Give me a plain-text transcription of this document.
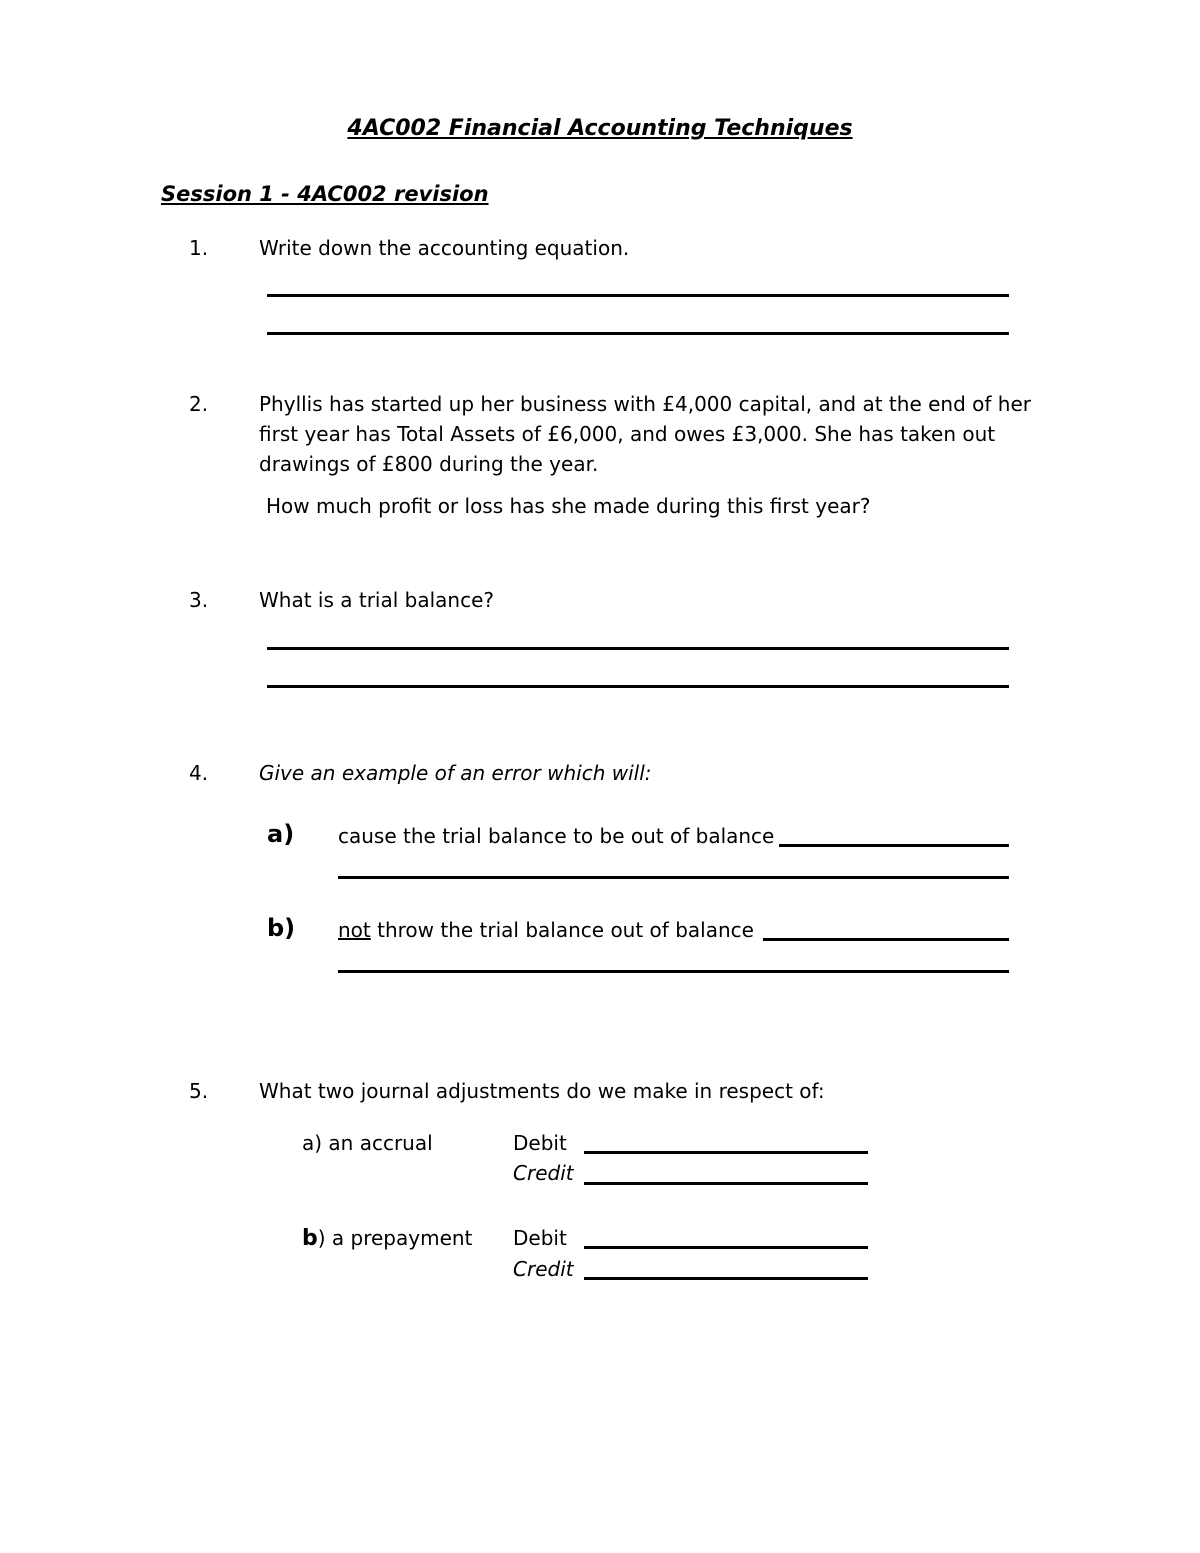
4AC002 Financial Accounting Techniques
Session 1 - 4AC002 revision
1.	Write down the accounting equation.
2.	Phyllis has started up her business with £4,000 capital, and at the end of her first year has Total Assets of £6,000, and owes £3,000. She has taken out drawings of £800 during the year.
How much profit or loss has she made during this first year?
3.	What is a trial balance?
4.	Give an example of an error which will:
a) cause the trial balance to be out of balance
b) not throw the trial balance out of balance
5.	What two journal adjustments do we make in respect of:
a) an accrual	Debit
Credit
b) a prepayment Debit
Credit
